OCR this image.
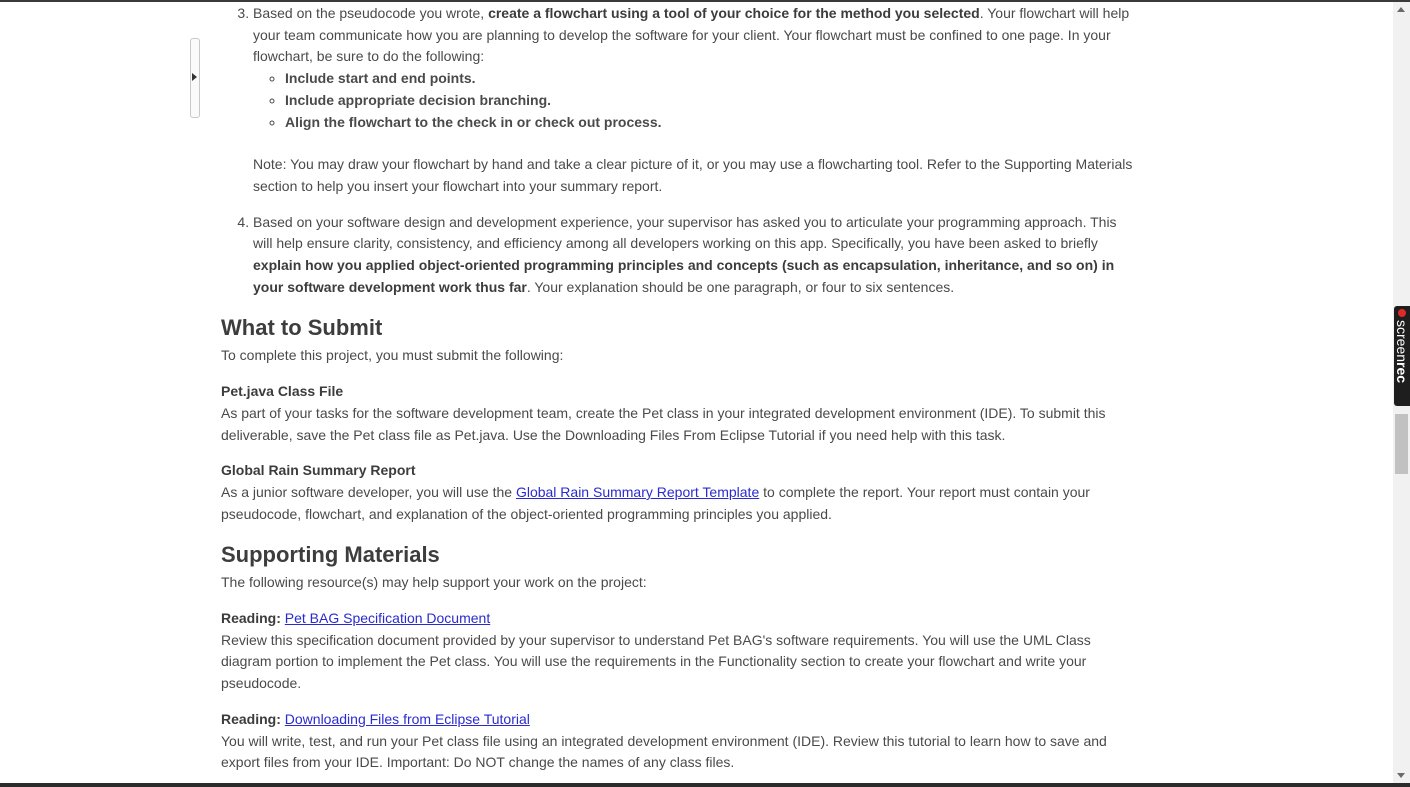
3. Based on the pseudocode you wrote, create a flowchart using a tool of your choice for the method you selected. Your flowchart will help your team communicate how you are planning to develop the software for your client. Your flowchart must be confined to one page. In your flowchart, be sure to do the following:

◦ Include start and end points.
◦ Include appropriate decision branching.
◦ Align the flowchart to the check in or check out process.

Note: You may draw your flowchart by hand and take a clear picture of it, or you may use a flowcharting tool. Refer to the Supporting Materials section to help you insert your flowchart into your summary report.

4. Based on your software design and development experience, your supervisor has asked you to articulate your programming approach. This will help ensure clarity, consistency, and efficiency among all developers working on this app. Specifically, you have been asked to briefly explain how you applied object-oriented programming principles and concepts (such as encapsulation, inheritance, and so on) in your software development work thus far. Your explanation should be one paragraph, or four to six sentences.

What to Submit

To complete this project, you must submit the following:

Pet.java Class File

As part of your tasks for the software development team, create the Pet class in your integrated development environment (IDE). To submit this deliverable, save the Pet class file as Pet.java. Use the Downloading Files From Eclipse Tutorial if you need help with this task.

Global Rain Summary Report

As a junior software developer, you will use the Global Rain Summary Report Template to complete the report. Your report must contain your pseudocode, flowchart, and explanation of the object-oriented programming principles you applied.

Supporting Materials

The following resource(s) may help support your work on the project:

Reading: Pet BAG Specification Document

Review this specification document provided by your supervisor to understand Pet BAG's software requirements. You will use the UML Class diagram portion to implement the Pet class. You will use the requirements in the Functionality section to create your flowchart and write your pseudocode.

Reading: Downloading Files from Eclipse Tutorial

You will write, test, and run your Pet class file using an integrated development environment (IDE). Review this tutorial to learn how to save and export files from your IDE. Important: Do NOT change the names of any class files.

screenrec
